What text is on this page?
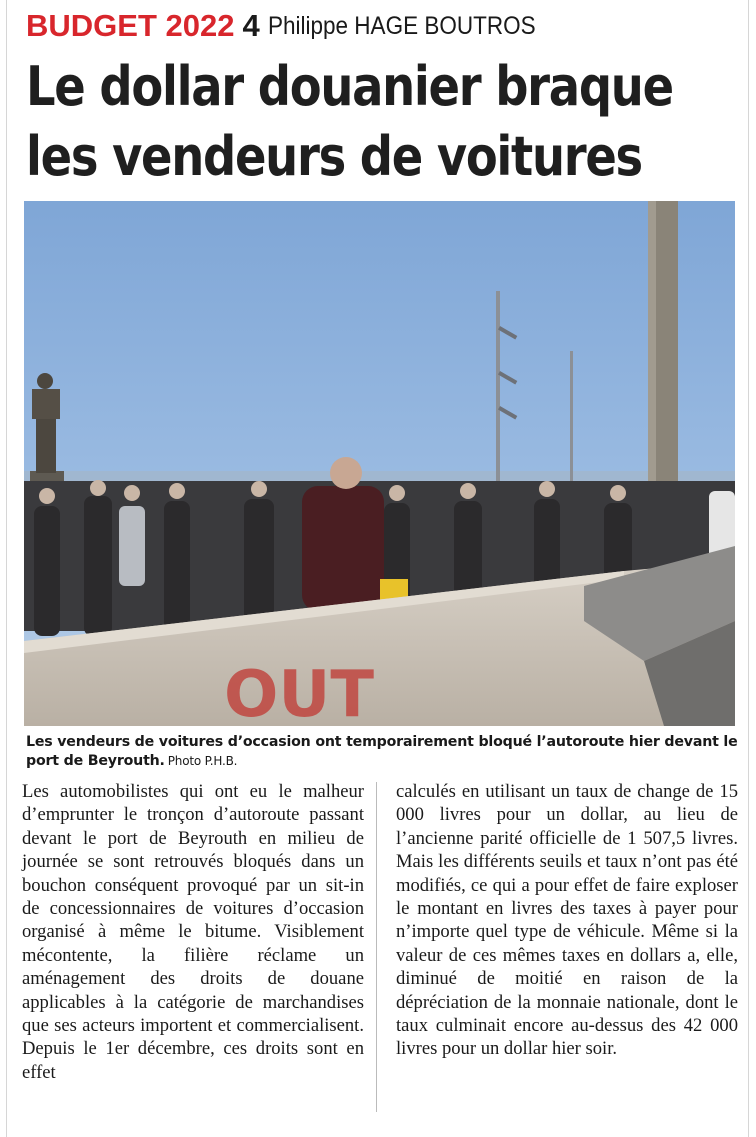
BUDGET 2022 4 Philippe HAGE BOUTROS
Le dollar douanier braque
les vendeurs de voitures
OUT
Les vendeurs de voitures d’occasion ont temporairement bloqué l’autoroute hier devant le port de Beyrouth. Photo P.H.B.

Les automobilistes qui ont eu le malheur d’emprunter le tronçon d’autoroute passant devant le port de Beyrouth en milieu de journée se sont retrouvés bloqués dans un bouchon conséquent provoqué par un sit-in de concessionnaires de voitures d’occasion organisé à même le bitume. Visiblement mécontente, la filière réclame un aménagement des droits de douane applicables à la catégorie de marchandises que ses acteurs importent et commercialisent. Depuis le 1er décembre, ces droits sont en effet

calculés en utilisant un taux de change de 15 000 livres pour un dollar, au lieu de l’ancienne parité officielle de 1 507,5 livres. Mais les différents seuils et taux n’ont pas été modifiés, ce qui a pour effet de faire exploser le montant en livres des taxes à payer pour n’importe quel type de véhicule. Même si la valeur de ces mêmes taxes en dollars a, elle, diminué de moitié en raison de la dépréciation de la monnaie nationale, dont le taux culminait encore au-dessus des 42 000 livres pour un dollar hier soir.
